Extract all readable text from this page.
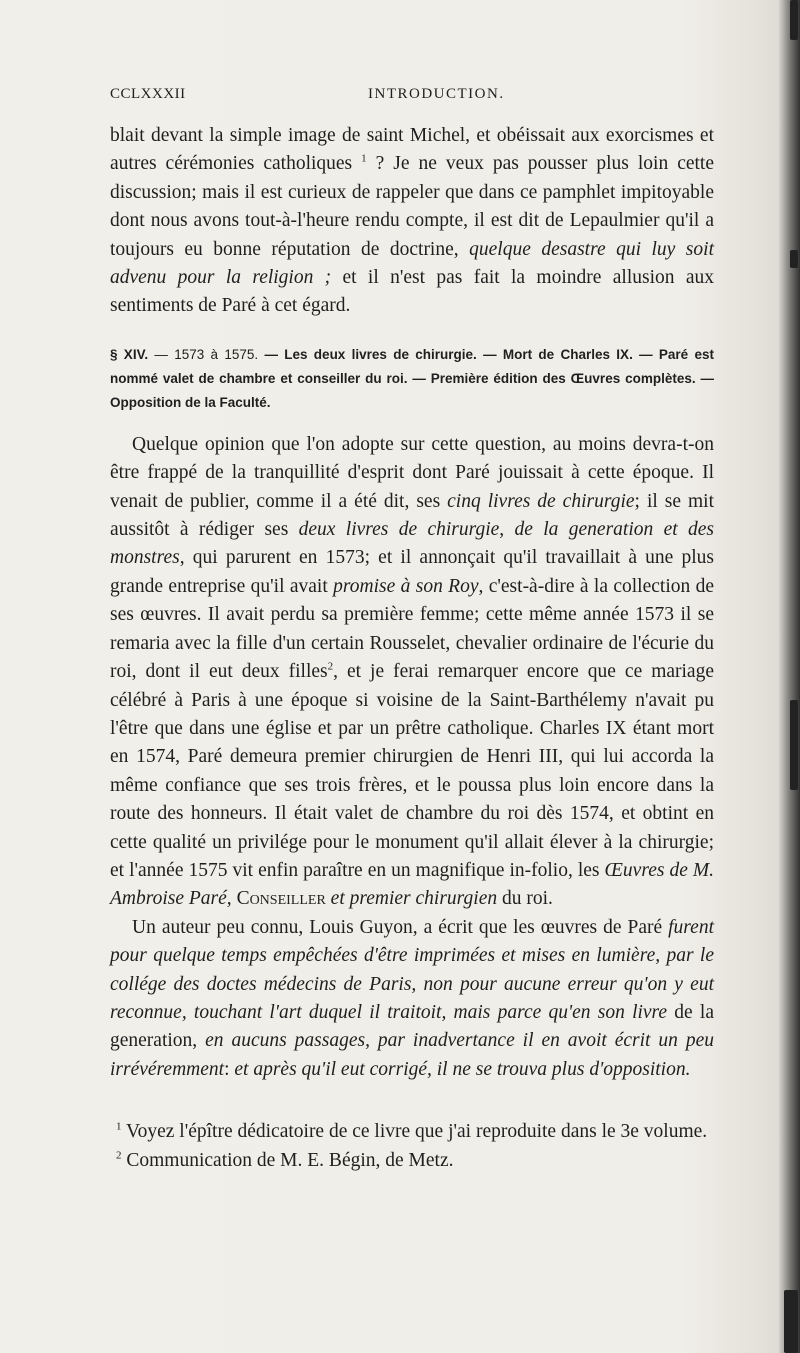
CCLXXXII	INTRODUCTION.

blait devant la simple image de saint Michel, et obéissait aux exorcismes et autres cérémonies catholiques $^1$ ? Je ne veux pas pousser plus loin cette discussion; mais il est curieux de rappeler que dans ce pamphlet impitoyable dont nous avons tout-à-l'heure rendu compte, il est dit de Lepaulmier qu'il a toujours eu bonne réputation de doctrine, quelque desastre qui luy soit advenu pour la religion ; et il n'est pas fait la moindre allusion aux sentiments de Paré à cet égard.

§ XIV. — 1573 à 1575. — Les deux livres de chirurgie. — Mort de Charles IX. — Paré est nommé valet de chambre et conseiller du roi. — Première édition des Œuvres complètes. — Opposition de la Faculté.

Quelque opinion que l'on adopte sur cette question, au moins devra-t-on être frappé de la tranquillité d'esprit dont Paré jouissait à cette époque. Il venait de publier, comme il a été dit, ses cinq livres de chirurgie; il se mit aussitôt à rédiger ses deux livres de chirurgie, de la generation et des monstres, qui parurent en 1573; et il annonçait qu'il travaillait à une plus grande entreprise qu'il avait promise à son Roy, c'est-à-dire à la collection de ses œuvres. Il avait perdu sa première femme; cette même année 1573 il se remaria avec la fille d'un certain Rousselet, chevalier ordinaire de l'écurie du roi, dont il eut deux filles$^2$, et je ferai remarquer encore que ce mariage célébré à Paris à une époque si voisine de la Saint-Barthélemy n'avait pu l'être que dans une église et par un prêtre catholique. Charles IX étant mort en 1574, Paré demeura premier chirurgien de Henri III, qui lui accorda la même confiance que ses trois frères, et le poussa plus loin encore dans la route des honneurs. Il était valet de chambre du roi dès 1574, et obtint en cette qualité un privilége pour le monument qu'il allait élever à la chirurgie; et l'année 1575 vit enfin paraître en un magnifique in-folio, les Œuvres de M. Ambroise Paré, Conseiller et premier chirurgien du roi.

Un auteur peu connu, Louis Guyon, a écrit que les œuvres de Paré furent pour quelque temps empêchées d'être imprimées et mises en lumière, par le collége des doctes médecins de Paris, non pour aucune erreur qu'on y eut reconnue, touchant l'art duquel il traitoit, mais parce qu'en son livre de la generation, en aucuns passages, par inadvertance il en avoit écrit un peu irrévéremment: et après qu'il eut corrigé, il ne se trouva plus d'opposition.

$^1$ Voyez l'épître dédicatoire de ce livre que j'ai reproduite dans le 3e volume.

$^2$ Communication de M. E. Bégin, de Metz.
